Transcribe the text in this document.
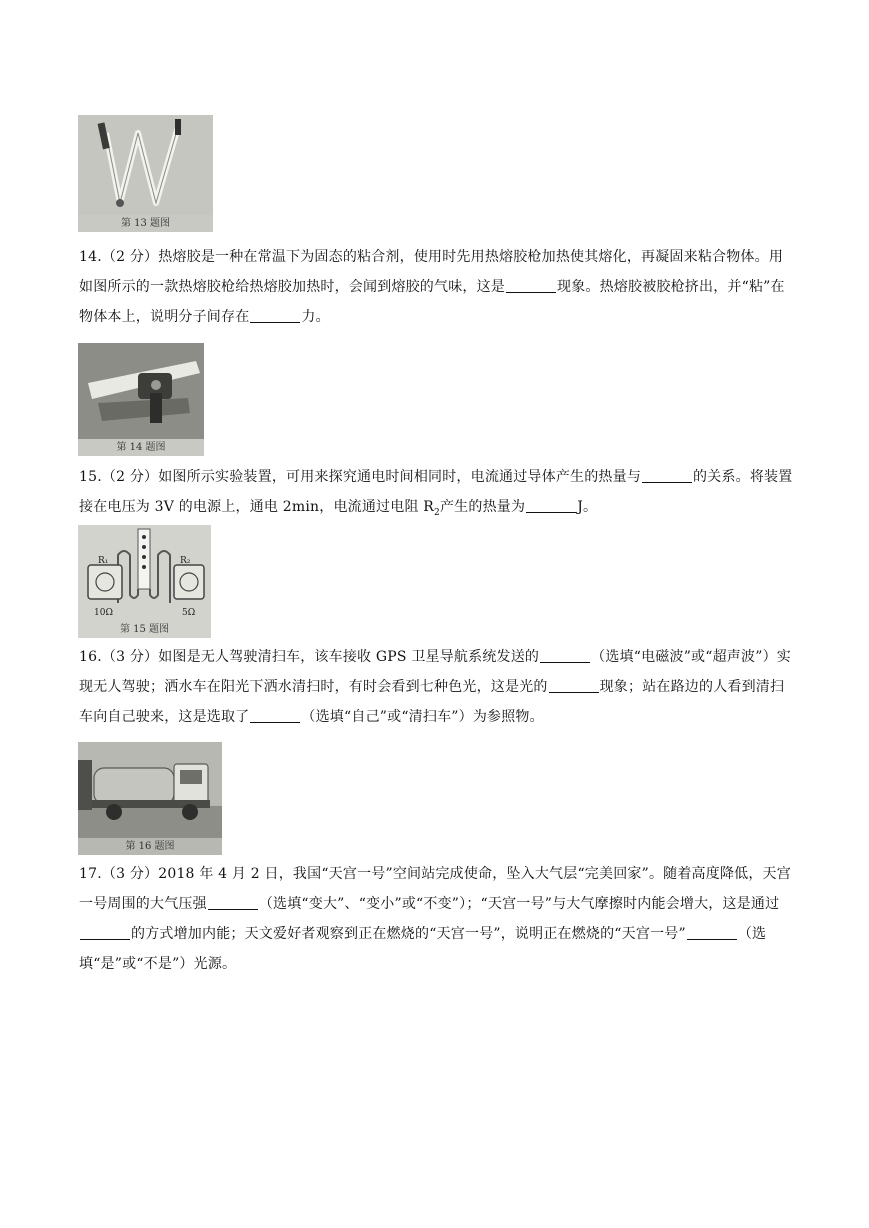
第 13 题图

14.（2 分）热熔胶是一种在常温下为固态的粘合剂，使用时先用热熔胶枪加热使其熔化，再凝固来粘合物体。用如图所示的一款热熔胶枪给热熔胶加热时，会闻到熔胶的气味，这是	现象。热熔胶被胶枪挤出，并“粘”在物体本上，说明分子间存在	力。

第 14 题图

15.（2 分）如图所示实验装置，可用来探究通电时间相同时，电流通过导体产生的热量与	的关系。将装置接在电压为 3V 的电源上，通电 2min，电流通过电阻 $R_2$产生的热量为	J。

R₁	R₂
10Ω	5Ω
第 15 题图

16.（3 分）如图是无人驾驶清扫车，该车接收 GPS 卫星导航系统发送的	（选填“电磁波”或“超声波”）实现无人驾驶；洒水车在阳光下洒水清扫时，有时会看到七种色光，这是光的	现象；站在路边的人看到清扫车向自己驶来，这是选取了	（选填“自己”或“清扫车”）为参照物。

第 16 题图

17.（3 分）2018 年 4 月 2 日，我国“天宫一号”空间站完成使命，坠入大气层“完美回家”。随着高度降低，天宫一号周围的大气压强	（选填“变大”、“变小”或“不变”）；“天宫一号”与大气摩擦时内能会增大，这是通过的方式增加内能；天文爱好者观察到正在燃烧的“天宫一号”，说明正在燃烧的“天宫一号”	（选填“是”或“不是”）光源。
